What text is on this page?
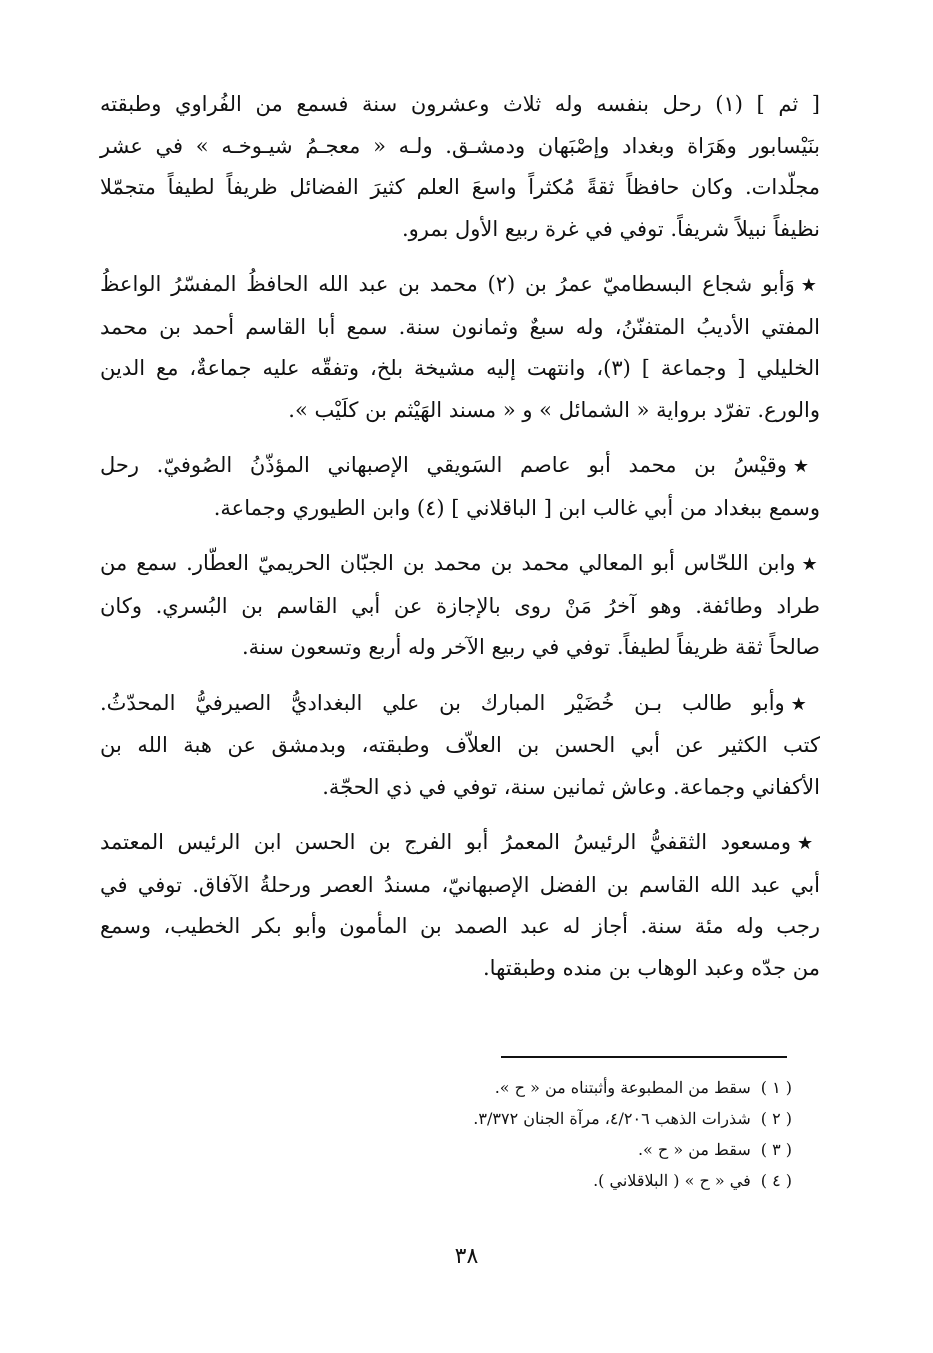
[ ثم ] (١) رحل بنفسه وله ثلاث وعشرون سنة فسمع من الفُراوي وطبقته
بنَيْسابور وهَرَاة وبغداد وإصْبَهان ودمشـق. ولـه « معجـمُ شيـوخـه » في عشر
مجلّدات. وكان حافظاً ثقةً مُكثراً واسعَ العلم كثيرَ الفضائل ظريفاً لطيفاً متجمّلا
نظيفاً نبيلاً شريفاً. توفي في غرة ربيع الأول بمرو.

★وَأبو شجاع البسطاميّ عمرُ بن (٢) محمد بن عبد الله الحافظُ المفسّرُ الواعظُ
المفتي الأديبُ المتفنّنُ، وله سبعٌ وثمانون سنة. سمع أبا القاسم أحمد بن محمد
الخليلي [ وجماعة ] (٣)، وانتهت إليه مشيخة بلخ، وتفقّه عليه جماعةٌ، مع الدين
والورع. تفرّد برواية « الشمائل » و « مسند الهَيْثم بن كلَيْب ».

★وقيْسُ بن محمد أبو عاصم السَويقي الإصبهاني المؤذّنُ الصُوفيّ. رحل
وسمع ببغداد من أبي غالب ابن [ الباقلاني ] (٤) وابن الطيوري وجماعة.

★وابن اللحّاس أبو المعالي محمد بن محمد بن الجبّان الحريميّ العطّار. سمع من
طراد وطائفة. وهو آخرُ مَنْ روى بالإجازة عن أبي القاسم بن البُسري. وكان
صالحاً ثقة ظريفاً لطيفاً. توفي في ربيع الآخر وله أربع وتسعون سنة.

★وأبو طالب بـن خُضَيْر المبارك بن علي البغداديُّ الصيرفيُّ المحدّثُ.
كتب الكثير عن أبي الحسن بن العلاّف وطبقته، وبدمشق عن هبة الله بن
الأكفاني وجماعة. وعاش ثمانين سنة، توفي في ذي الحجّة.

★ومسعود الثقفيُّ الرئيسُ المعمرُ أبو الفرج بن الحسن ابن الرئيس المعتمد
أبي عبد الله القاسم بن الفضل الإصبهانيّ، مسندُ العصر ورحلةُ الآفاق. توفي في
رجب وله مئة سنة. أجاز له عبد الصمد بن المأمون وأبو بكر الخطيب، وسمع
من جدّه وعبد الوهاب بن منده وطبقتها.

( ١ )سقط من المطبوعة وأثبتناه من « ح ».
( ٢ )شذرات الذهب ٤/٢٠٦، مرآة الجنان ٣/٣٧٢.
( ٣ )سقط من « ح ».
( ٤ )في « ح » ( البلاقلاني ).
٣٨
